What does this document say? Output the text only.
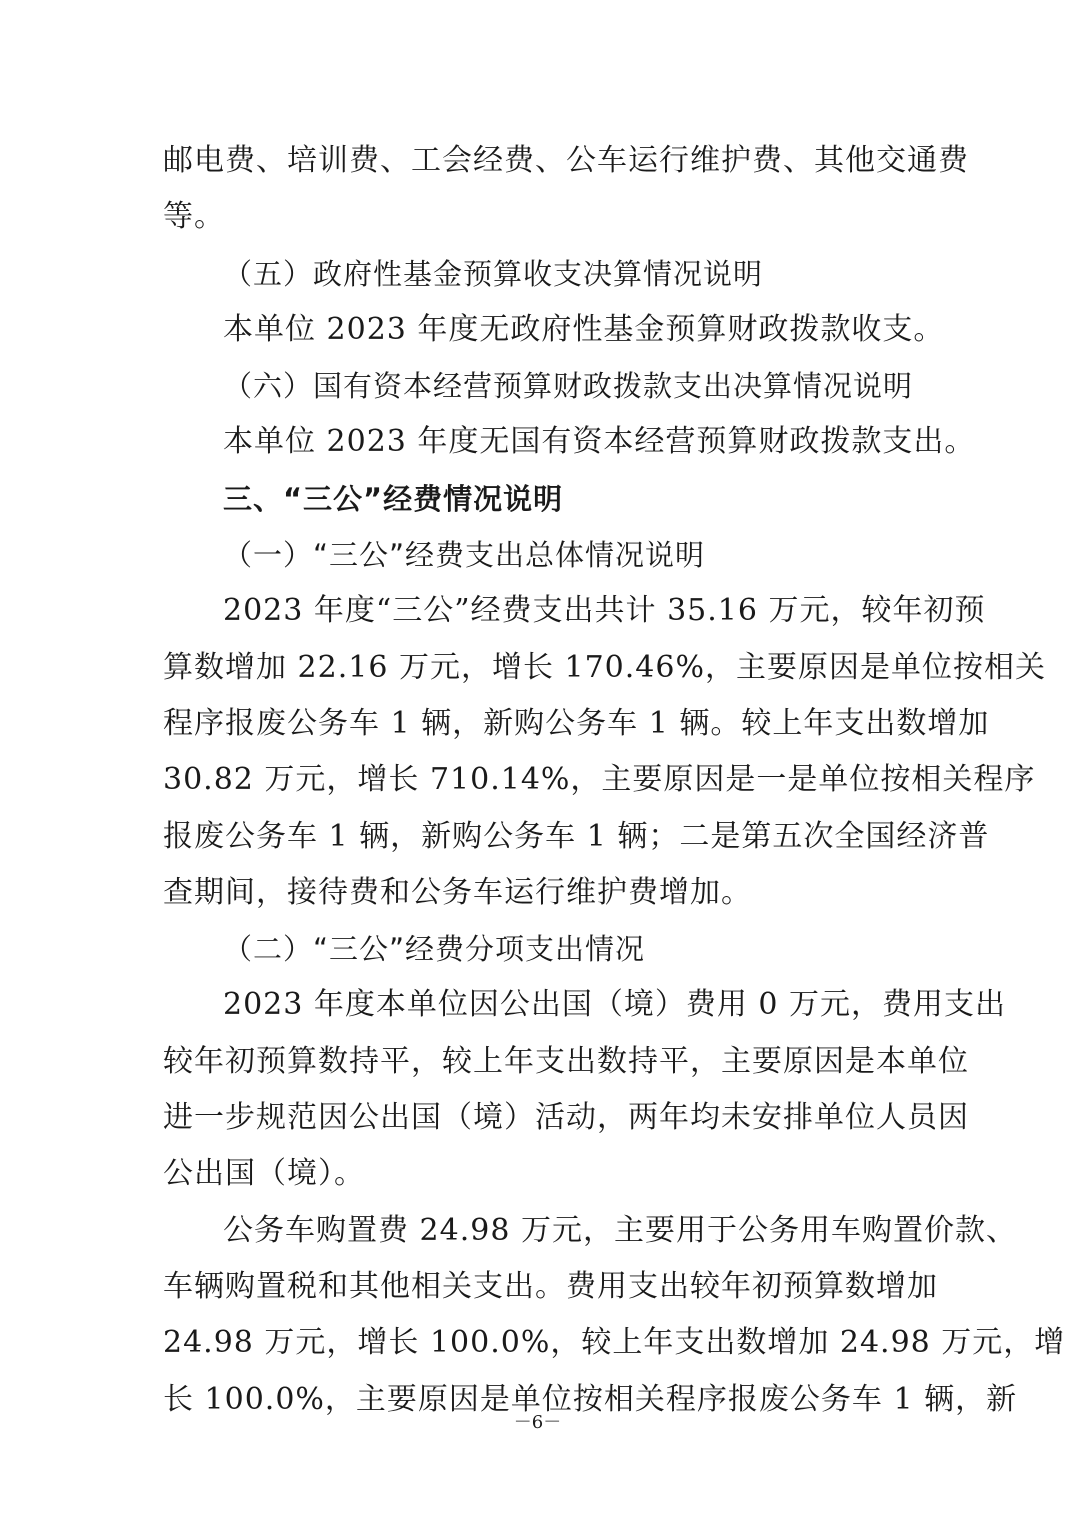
邮电费、培训费、工会经费、公车运行维护费、其他交通费
等。
（五）政府性基金预算收支决算情况说明
本单位 2023 年度无政府性基金预算财政拨款收支。
（六）国有资本经营预算财政拨款支出决算情况说明
本单位 2023 年度无国有资本经营预算财政拨款支出。
三、“三公”经费情况说明
（一）“三公”经费支出总体情况说明
2023 年度“三公”经费支出共计 35.16 万元，较年初预
算数增加 22.16 万元，增长 170.46%，主要原因是单位按相关
程序报废公务车 1 辆，新购公务车 1 辆。较上年支出数增加
30.82 万元，增长 710.14%，主要原因是一是单位按相关程序
报废公务车 1 辆，新购公务车 1 辆；二是第五次全国经济普
查期间，接待费和公务车运行维护费增加。
（二）“三公”经费分项支出情况
2023 年度本单位因公出国（境）费用 0 万元，费用支出
较年初预算数持平，较上年支出数持平，主要原因是本单位
进一步规范因公出国（境）活动，两年均未安排单位人员因
公出国（境）。
公务车购置费 24.98 万元，主要用于公务用车购置价款、
车辆购置税和其他相关支出。费用支出较年初预算数增加
24.98 万元，增长 100.0%，较上年支出数增加 24.98 万元，增
长 100.0%，主要原因是单位按相关程序报废公务车 1 辆，新
－6－
